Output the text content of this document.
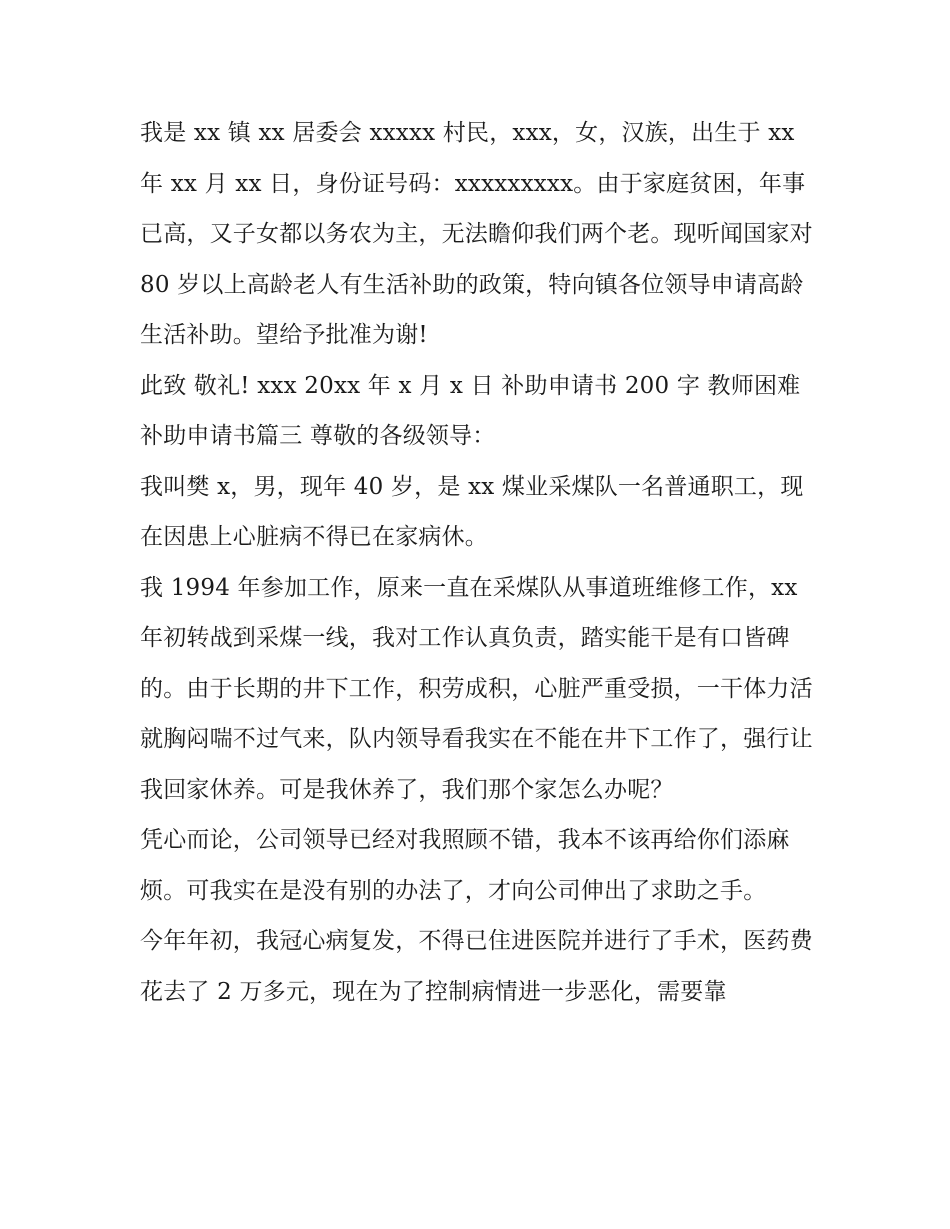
我是 xx 镇 xx 居委会 xxxxx 村民，xxx，女，汉族，出生于 xx 年 xx 月 xx 日，身份证号码：xxxxxxxxx。由于家庭贫困，年事已高，又子女都以务农为主，无法瞻仰我们两个老。现听闻国家对 80 岁以上高龄老人有生活补助的政策，特向镇各位领导申请高龄生活补助。望给予批准为谢!

此致 敬礼! xxx 20xx 年 x 月 x 日 补助申请书 200 字 教师困难补助申请书篇三 尊敬的各级领导：

我叫樊 x，男，现年 40 岁，是 xx 煤业采煤队一名普通职工，现在因患上心脏病不得已在家病休。

我 1994 年参加工作，原来一直在采煤队从事道班维修工作，xx 年初转战到采煤一线，我对工作认真负责，踏实能干是有口皆碑的。由于长期的井下工作，积劳成积，心脏严重受损，一干体力活就胸闷喘不过气来，队内领导看我实在不能在井下工作了，强行让我回家休养。可是我休养了，我们那个家怎么办呢？

凭心而论，公司领导已经对我照顾不错，我本不该再给你们添麻烦。可我实在是没有别的办法了，才向公司伸出了求助之手。

今年年初，我冠心病复发，不得已住进医院并进行了手术，医药费花去了 2 万多元，现在为了控制病情进一步恶化，需要靠
